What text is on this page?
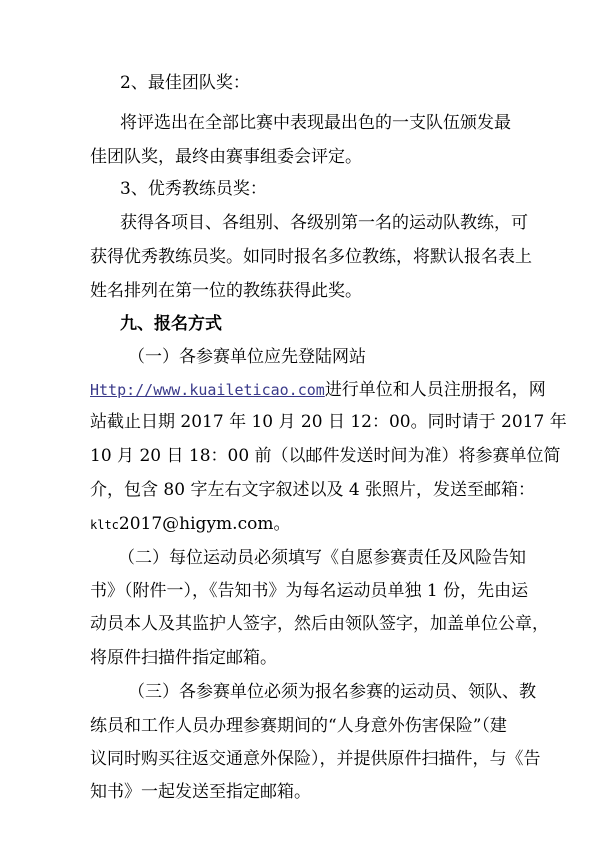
2、最佳团队奖：
将评选出在全部比赛中表现最出色的一支队伍颁发最
佳团队奖，最终由赛事组委会评定。
3、优秀教练员奖：
获得各项目、各组别、各级别第一名的运动队教练，可
获得优秀教练员奖。如同时报名多位教练，将默认报名表上
姓名排列在第一位的教练获得此奖。
九、报名方式
（一）各参赛单位应先登陆网站
Http://www.kuaileticao.com进行单位和人员注册报名，网
站截止日期 2017 年 10 月 20 日 12：00。同时请于 2017 年
10 月 20 日 18：00 前（以邮件发送时间为准）将参赛单位简
介，包含 80 字左右文字叙述以及 4 张照片，发送至邮箱：
kltc2017@higym.com。
（二）每位运动员必须填写《自愿参赛责任及风险告知
书》（附件一），《告知书》为每名运动员单独 1 份，先由运
动员本人及其监护人签字，然后由领队签字，加盖单位公章，
将原件扫描件指定邮箱。
（三）各参赛单位必须为报名参赛的运动员、领队、教
练员和工作人员办理参赛期间的“人身意外伤害保险”（建
议同时购买往返交通意外保险），并提供原件扫描件，与《告
知书》一起发送至指定邮箱。
